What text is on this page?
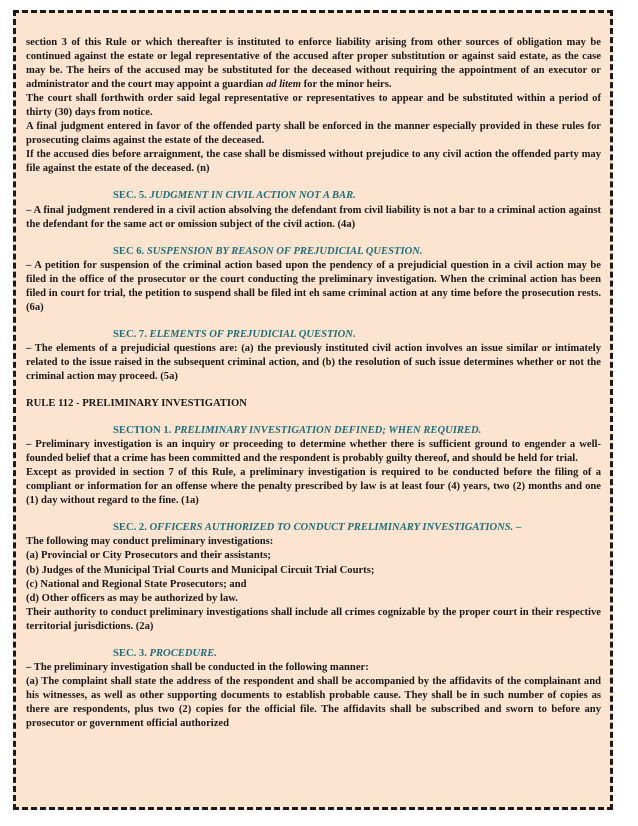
section 3 of this Rule or which thereafter is instituted to enforce liability arising from other sources of obligation may be continued against the estate or legal representative of the accused after proper substitution or against said estate, as the case may be. The heirs of the accused may be substituted for the deceased without requiring the appointment of an executor or administrator and the court may appoint a guardian ad litem for the minor heirs.

The court shall forthwith order said legal representative or representatives to appear and be substituted within a period of thirty (30) days from notice.

A final judgment entered in favor of the offended party shall be enforced in the manner especially provided in these rules for prosecuting claims against the estate of the deceased.

If the accused dies before arraignment, the case shall be dismissed without prejudice to any civil action the offended party may file against the estate of the deceased. (n)

SEC. 5. JUDGMENT IN CIVIL ACTION NOT A BAR.

– A final judgment rendered in a civil action absolving the defendant from civil liability is not a bar to a criminal action against the defendant for the same act or omission subject of the civil action. (4a)

SEC 6. SUSPENSION BY REASON OF PREJUDICIAL QUESTION.

– A petition for suspension of the criminal action based upon the pendency of a prejudicial question in a civil action may be filed in the office of the prosecutor or the court conducting the preliminary investigation. When the criminal action has been filed in court for trial, the petition to suspend shall be filed int eh same criminal action at any time before the prosecution rests. (6a)

SEC. 7. ELEMENTS OF PREJUDICIAL QUESTION.

– The elements of a prejudicial questions are: (a) the previously instituted civil action involves an issue similar or intimately related to the issue raised in the subsequent criminal action, and (b) the resolution of such issue determines whether or not the criminal action may proceed. (5a)

RULE 112 - PRELIMINARY INVESTIGATION

SECTION 1. PRELIMINARY INVESTIGATION DEFINED; WHEN REQUIRED.

– Preliminary investigation is an inquiry or proceeding to determine whether there is sufficient ground to engender a well-founded belief that a crime has been committed and the respondent is probably guilty thereof, and should be held for trial.

Except as provided in section 7 of this Rule, a preliminary investigation is required to be conducted before the filing of a compliant or information for an offense where the penalty prescribed by law is at least four (4) years, two (2) months and one (1) day without regard to the fine. (1a)

SEC. 2. OFFICERS AUTHORIZED TO CONDUCT PRELIMINARY INVESTIGATIONS. –

The following may conduct preliminary investigations:

(a) Provincial or City Prosecutors and their assistants;

(b) Judges of the Municipal Trial Courts and Municipal Circuit Trial Courts;

(c) National and Regional State Prosecutors; and

(d) Other officers as may be authorized by law.

Their authority to conduct preliminary investigations shall include all crimes cognizable by the proper court in their respective territorial jurisdictions. (2a)

SEC. 3. PROCEDURE.

– The preliminary investigation shall be conducted in the following manner:

(a) The complaint shall state the address of the respondent and shall be accompanied by the affidavits of the complainant and his witnesses, as well as other supporting documents to establish probable cause. They shall be in such number of copies as there are respondents, plus two (2) copies for the official file. The affidavits shall be subscribed and sworn to before any prosecutor or government official authorized
